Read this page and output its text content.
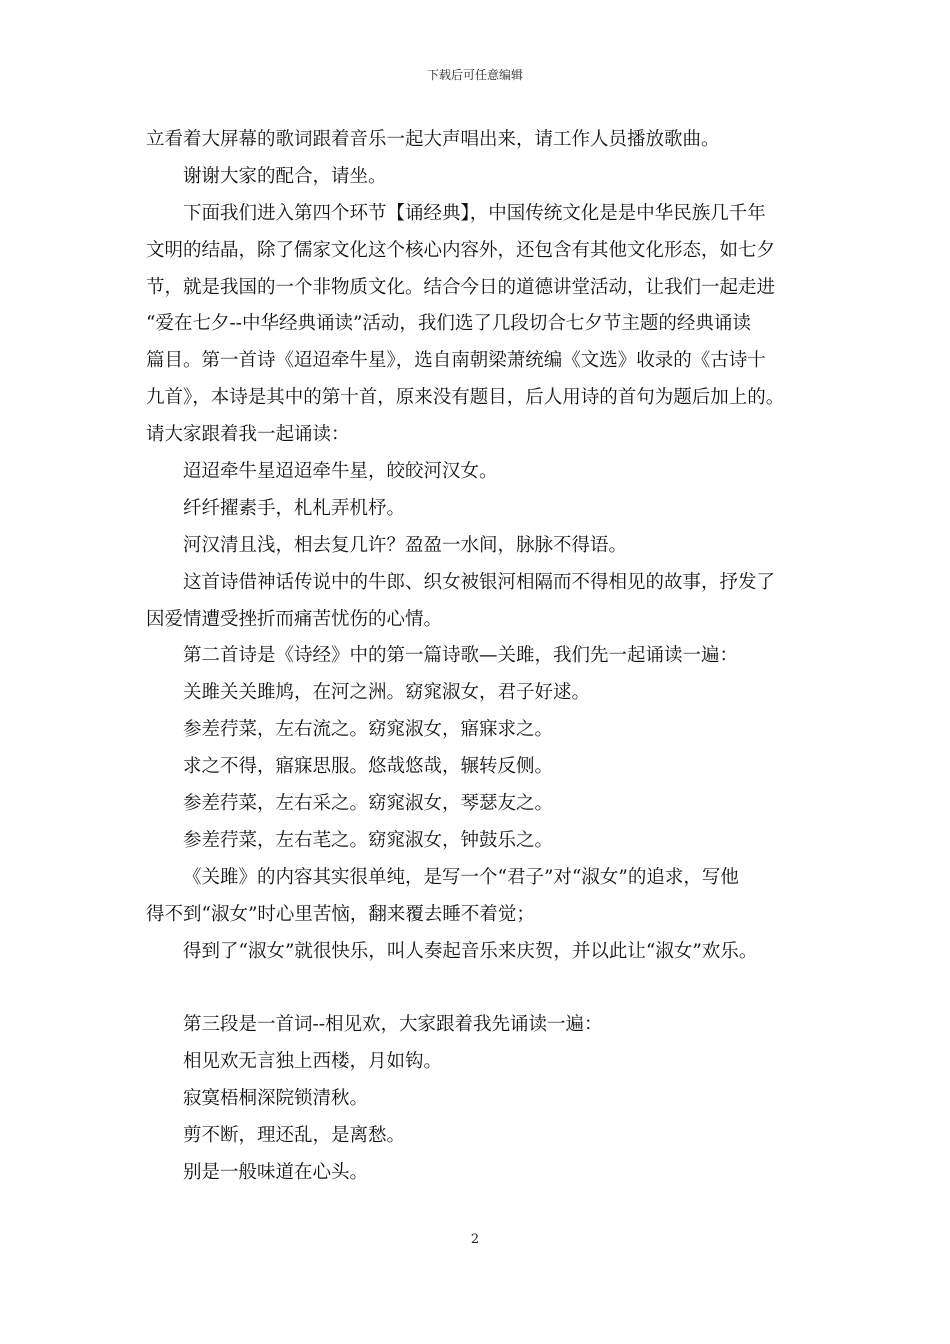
下载后可任意编辑
立看着大屏幕的歌词跟着音乐一起大声唱出来，请工作人员播放歌曲。
谢谢大家的配合，请坐。
下面我们进入第四个环节【诵经典】，中国传统文化是是中华民族几千年
文明的结晶，除了儒家文化这个核心内容外，还包含有其他文化形态，如七夕
节，就是我国的一个非物质文化。结合今日的道德讲堂活动，让我们一起走进
“爱在七夕--中华经典诵读”活动，我们选了几段切合七夕节主题的经典诵读
篇目。第一首诗《迢迢牵牛星》，选自南朝梁萧统编《文选》收录的《古诗十
九首》，本诗是其中的第十首，原来没有题目，后人用诗的首句为题后加上的。
请大家跟着我一起诵读：
迢迢牵牛星迢迢牵牛星，皎皎河汉女。
纤纤擢素手，札札弄机杼。
河汉清且浅，相去复几许？盈盈一水间，脉脉不得语。
这首诗借神话传说中的牛郎、织女被银河相隔而不得相见的故事，抒发了
因爱情遭受挫折而痛苦忧伤的心情。
第二首诗是《诗经》中的第一篇诗歌—关雎，我们先一起诵读一遍：
关雎关关雎鸠，在河之洲。窈窕淑女，君子好逑。
参差荇菜，左右流之。窈窕淑女，寤寐求之。
求之不得，寤寐思服。悠哉悠哉，辗转反侧。
参差荇菜，左右采之。窈窕淑女，琴瑟友之。
参差荇菜，左右芼之。窈窕淑女，钟鼓乐之。
《关雎》的内容其实很单纯，是写一个“君子”对“淑女”的追求，写他
得不到“淑女”时心里苦恼，翻来覆去睡不着觉；
得到了“淑女”就很快乐，叫人奏起音乐来庆贺，并以此让“淑女”欢乐。
第三段是一首词--相见欢，大家跟着我先诵读一遍：
相见欢无言独上西楼，月如钩。
寂寞梧桐深院锁清秋。
剪不断，理还乱，是离愁。
别是一般味道在心头。
2
